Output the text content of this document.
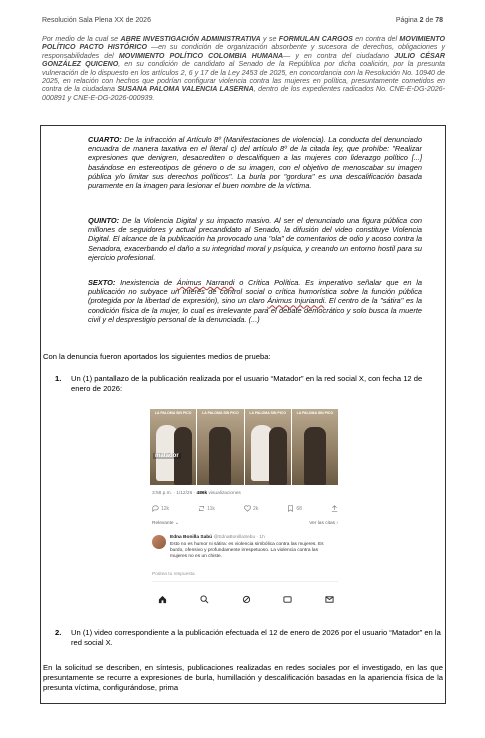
Resolución Sala Plena XX de 2026	Página 2 de 78
Por medio de la cual se ABRE INVESTIGACIÓN ADMINISTRATIVA y se FORMULAN CARGOS en contra del MOVIMIENTO POLÍTICO PACTO HISTÓRICO —en su condición de organización absorbente y sucesora de derechos, obligaciones y responsabilidades del MOVIMIENTO POLÍTICO COLOMBIA HUMANA— y en contra del ciudadano JULIO CÉSAR GONZÁLEZ QUICENO, en su condición de candidato al Senado de la República por dicha coalición, por la presunta vulneración de lo dispuesto en los artículos 2, 6 y 17 de la Ley 2453 de 2025, en concordancia con la Resolución No. 10940 de 2025, en relación con hechos que podrían configurar violencia contra las mujeres en política, presuntamente cometidos en contra de la ciudadana SUSANA PALOMA VALENCIA LASERNA, dentro de los expedientes radicados No. CNE-E-DG-2026-000891 y CNE-E-DG-2026-000939.
CUARTO: De la infracción al Artículo 8º (Manifestaciones de violencia). La conducta del denunciado encuadra de manera taxativa en el literal c) del artículo 8º de la citada ley, que prohíbe: "Realizar expresiones que denigren, desacrediten o descalifiquen a las mujeres con liderazgo político [...] basándose en estereotipos de género o de su imagen, con el objetivo de menoscabar su imagen pública y/o limitar sus derechos políticos". La burla por "gordura" es una descalificación basada puramente en la imagen para lesionar el buen nombre de la víctima.
QUINTO: De la Violencia Digital y su impacto masivo. Al ser el denunciado una figura pública con millones de seguidores y actual precandidato al Senado, la difusión del video constituye Violencia Digital. El alcance de la publicación ha provocado una "ola" de comentarios de odio y acoso contra la Senadora, exacerbando el daño a su integridad moral y psíquica, y creando un entorno hostil para su ejercicio profesional.
SEXTO: Inexistencia de Ánimus Narrandi o Crítica Política. Es imperativo señalar que en la publicación no subyace un interés de control social o crítica humorística sobre la función pública (protegida por la libertad de expresión), sino un claro Ánimus Injuriandi. El centro de la "sátira" es la condición física de la mujer, lo cual es irrelevante para el debate democrático y solo busca la muerte civil y el desprestigio personal de la denunciada. (...)
Con la denuncia fueron aportados los siguientes medios de prueba:
1. Un (1) pantallazo de la publicación realizada por el usuario “Matador” en la red social X, con fecha 12 de enero de 2026:
LA PALOMA SIN PICO
matador
LA PALOMA SIN PICO	LA PALOMA SIN PICO	LA PALOMA SIN PICO
3:58 p.m. · 1/12/26 · 486k visualizaciones
12k	11k	2k	68
Relevante ⌄	Ver las citas ›
Edna Bonilla Sabú @EdnaBonillaSebu · 1h
Esto no es humor ni sátira: es violencia simbólica contra las mujeres. Es burdo, ofensivo y profundamente irrespetuoso. La violencia contra las mujeres no es un chiste.
Postea tu respuesta
2. Un (1) video correspondiente a la publicación efectuada el 12 de enero de 2026 por el usuario “Matador” en la red social X.
En la solicitud se describen, en síntesis, publicaciones realizadas en redes sociales por el investigado, en las que presuntamente se recurre a expresiones de burla, humillación y descalificación basadas en la apariencia física de la presunta víctima, configurándose, prima
